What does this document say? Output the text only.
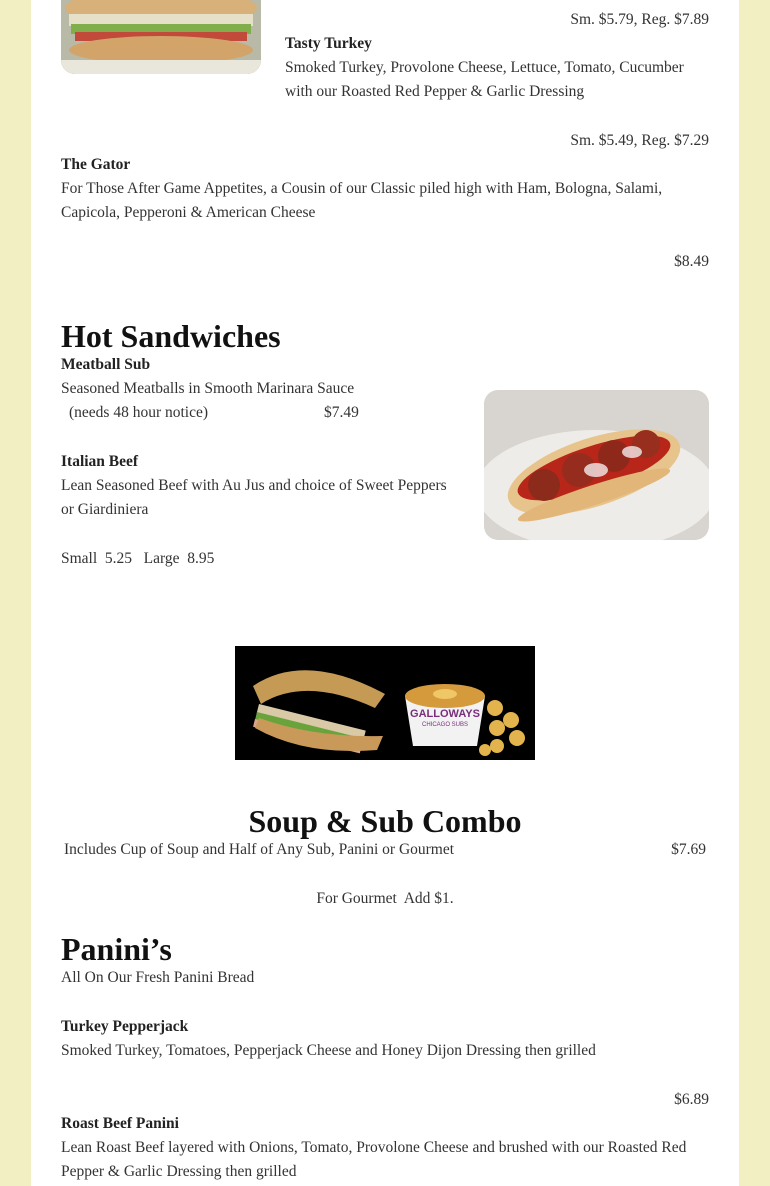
Sm. $5.79, Reg. $7.89
Tasty Turkey
Smoked Turkey, Provolone Cheese, Lettuce, Tomato, Cucumber
with our Roasted Red Pepper & Garlic Dressing
Sm. $5.49, Reg. $7.29
The Gator
For Those After Game Appetites, a Cousin of our Classic piled high with Ham, Bologna, Salami,
Capicola, Pepperoni & American Cheese
$8.49
Hot Sandwiches
Meatball Sub
Seasoned Meatballs in Smooth Marinara Sauce
(needs 48 hour notice)	$7.49
Italian Beef
Lean Seasoned Beef with Au Jus and choice of Sweet Peppers
or Giardiniera
Small  5.25   Large  8.95
GALLOWAYS
CHICAGO SUBS
Soup & Sub Combo
Includes Cup of Soup and Half of Any Sub, Panini or Gourmet	$7.69
For Gourmet  Add $1.
Panini’s
All On Our Fresh Panini Bread
Turkey Pepperjack
Smoked Turkey, Tomatoes, Pepperjack Cheese and Honey Dijon Dressing then grilled
$6.89
Roast Beef Panini
Lean Roast Beef layered with Onions, Tomato, Provolone Cheese and brushed with our Roasted Red
Pepper & Garlic Dressing then grilled
